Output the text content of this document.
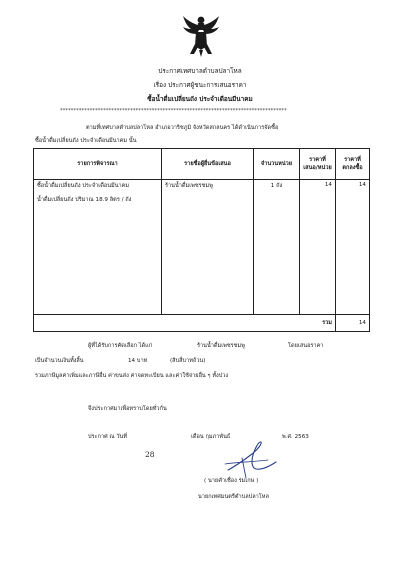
ประกาศเทศบาลตำบลปลาโหล
เรื่อง ประกาศผู้ชนะการเสนอราคา
ซื้อน้ำดื่มเปลี่ยนถัง ประจำเดือนมีนาคม
************************************************************************************
ตามที่เทศบาลตำบลปลาโหล อำเภอวาริชภูมิ จังหวัดสกลนคร ได้ดำเนินการจัดซื้อ
ซื้อน้ำดื่มเปลี่ยนถัง ประจำเดือนมีนาคม นั้น
รายการพิจารณา	รายชื่อผู้ยื่นข้อเสนอ	จำนวนหน่วย	ราคาที่เสนอ/หน่วย	ราคาที่ตกลงซื้อ

ซื้อน้ำดื่มเปลี่ยนถัง ประจำเดือนมีนาคม
น้ำดื่มเปลี่ยนถัง ปริมาณ 18.9 ลิตร / ถัง	ร้านน้ำดื่มเพชรชมพู	1 ถัง	14	14
รวม				14
ผู้ที่ได้รับการคัดเลือก ได้แก่	ร้านน้ำดื่มเพชรชมพู	โดยเสนอราคา
เป็นจำนวนเงินทั้งสิ้น	14 บาท	(สิบสี่บาทถ้วน)
รวมภาษีมูลค่าเพิ่มและภาษีอื่น ค่าขนส่ง ค่าจดทะเบียน และค่าใช้จ่ายอื่น ๆ ทั้งปวง
จึงประกาศมาเพื่อทราบโดยทั่วกัน
ประกาศ ณ วันที่
28
เดือน กุมภาพันธ์	พ.ศ. 2563
( นายคำเชื่อง ร่มเกษ )
นายกเทศมนตรีตำบลปลาโหล
